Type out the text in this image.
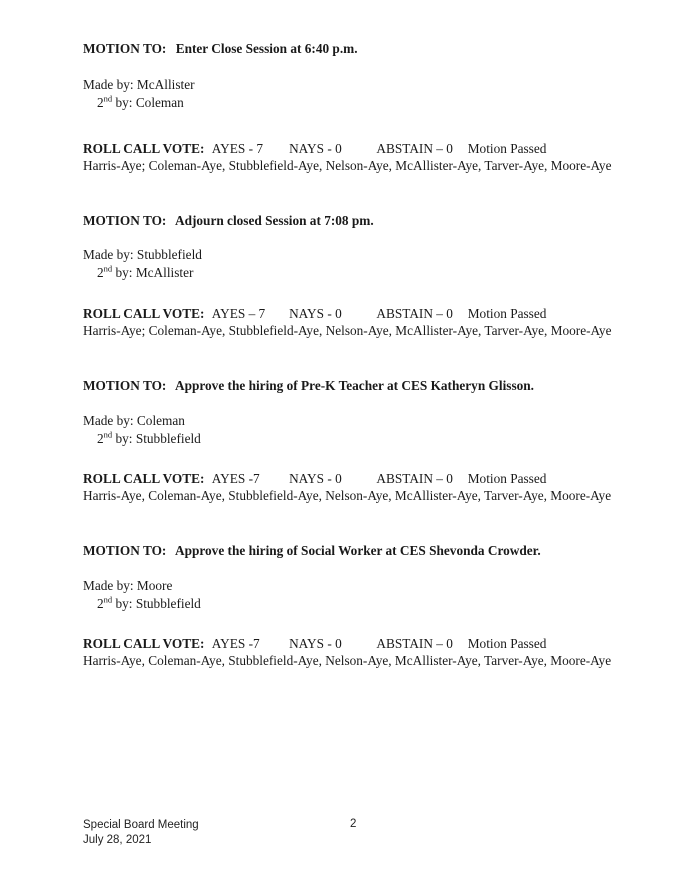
MOTION TO: Enter Close Session at 6:40 p.m.
Made by: McAllister
2nd by: Coleman
ROLL CALL VOTE: AYES - 7 NAYS - 0	ABSTAIN – 0 Motion Passed
Harris-Aye; Coleman-Aye, Stubblefield-Aye, Nelson-Aye, McAllister-Aye, Tarver-Aye, Moore-Aye
MOTION TO: Adjourn closed Session at 7:08 pm.
Made by: Stubblefield
2nd by: McAllister
ROLL CALL VOTE: AYES – 7 NAYS - 0	ABSTAIN – 0 Motion Passed
Harris-Aye; Coleman-Aye, Stubblefield-Aye, Nelson-Aye, McAllister-Aye, Tarver-Aye, Moore-Aye
MOTION TO: Approve the hiring of Pre-K Teacher at CES Katheryn Glisson.
Made by: Coleman
2nd by: Stubblefield
ROLL CALL VOTE: AYES -7 NAYS - 0	ABSTAIN – 0 Motion Passed
Harris-Aye, Coleman-Aye, Stubblefield-Aye, Nelson-Aye, McAllister-Aye, Tarver-Aye, Moore-Aye
MOTION TO: Approve the hiring of Social Worker at CES Shevonda Crowder.
Made by: Moore
2nd by: Stubblefield
ROLL CALL VOTE: AYES -7 NAYS - 0	ABSTAIN – 0 Motion Passed
Harris-Aye, Coleman-Aye, Stubblefield-Aye, Nelson-Aye, McAllister-Aye, Tarver-Aye, Moore-Aye
Special Board Meeting
July 28, 2021
2
